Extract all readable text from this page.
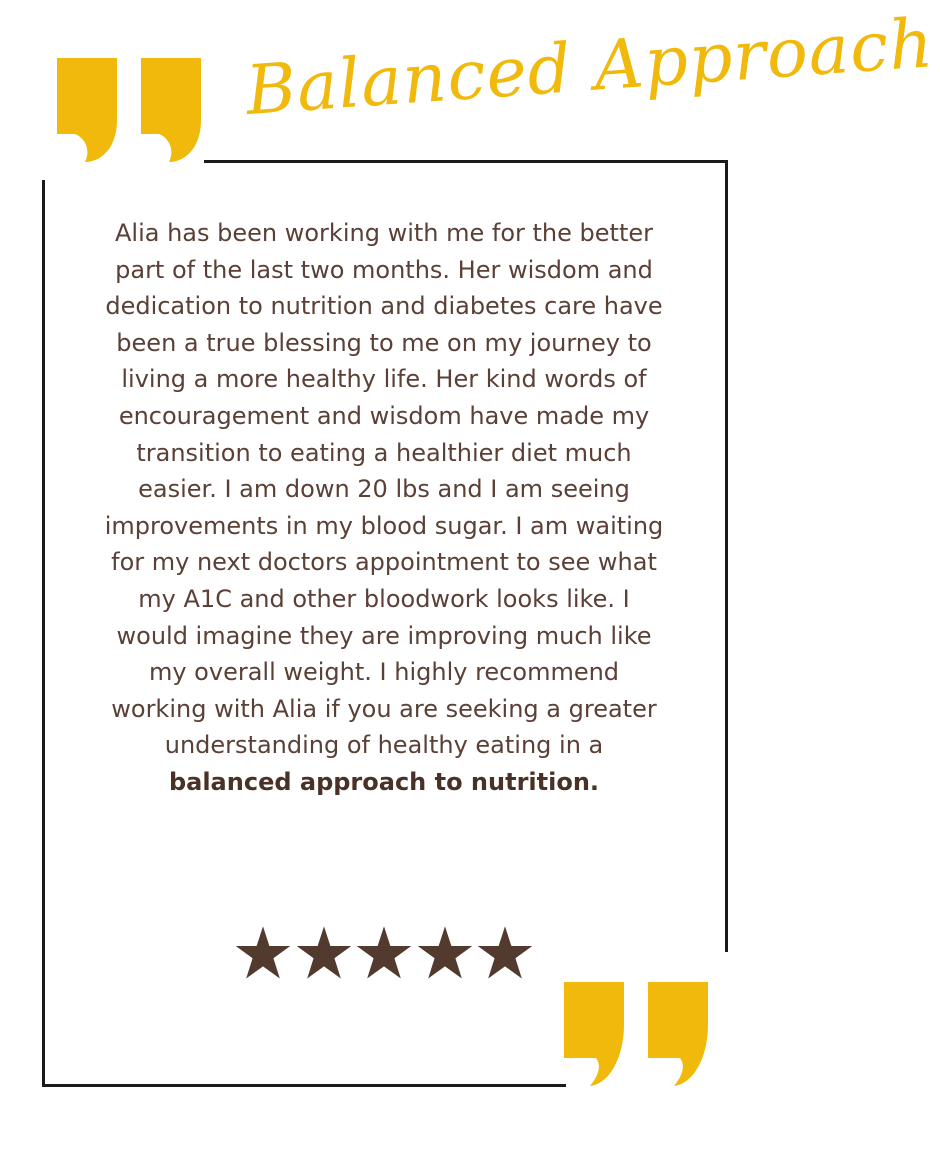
Balanced Approach
Alia has been working with me for the better part of the last two months. Her wisdom and dedication to nutrition and diabetes care have been a true blessing to me on my journey to living a more healthy life. Her kind words of encouragement and wisdom have made my transition to eating a healthier diet much easier. I am down 20 lbs and I am seeing improvements in my blood sugar. I am waiting for my next doctors appointment to see what my A1C and other bloodwork looks like. I would imagine they are improving much like my overall weight. I highly recommend working with Alia if you are seeking a greater understanding of healthy eating in a balanced approach to nutrition.
